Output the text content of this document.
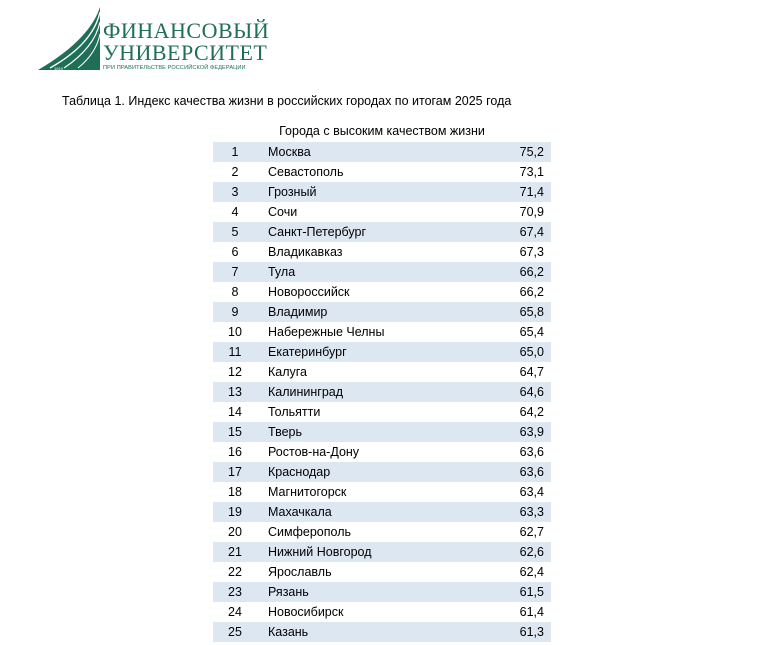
1919
ФИНАНСОВЫЙ
УНИВЕРСИТЕТ
ПРИ ПРАВИТЕЛЬСТВЕ РОССИЙСКОЙ ФЕДЕРАЦИИ
Таблица 1. Индекс качества жизни в российских городах по итогам 2025 года
Города с высоким качеством жизни
1	Москва	75,2
2	Севастополь	73,1
3	Грозный	71,4
4	Сочи	70,9
5	Санкт-Петербург	67,4
6	Владикавказ	67,3
7	Тула	66,2
8	Новороссийск	66,2
9	Владимир	65,8
10	Набережные Челны	65,4
11	Екатеринбург	65,0
12	Калуга	64,7
13	Калининград	64,6
14	Тольятти	64,2
15	Тверь	63,9
16	Ростов-на-Дону	63,6
17	Краснодар	63,6
18	Магнитогорск	63,4
19	Махачкала	63,3
20	Симферополь	62,7
21	Нижний Новгород	62,6
22	Ярославль	62,4
23	Рязань	61,5
24	Новосибирск	61,4
25	Казань	61,3
